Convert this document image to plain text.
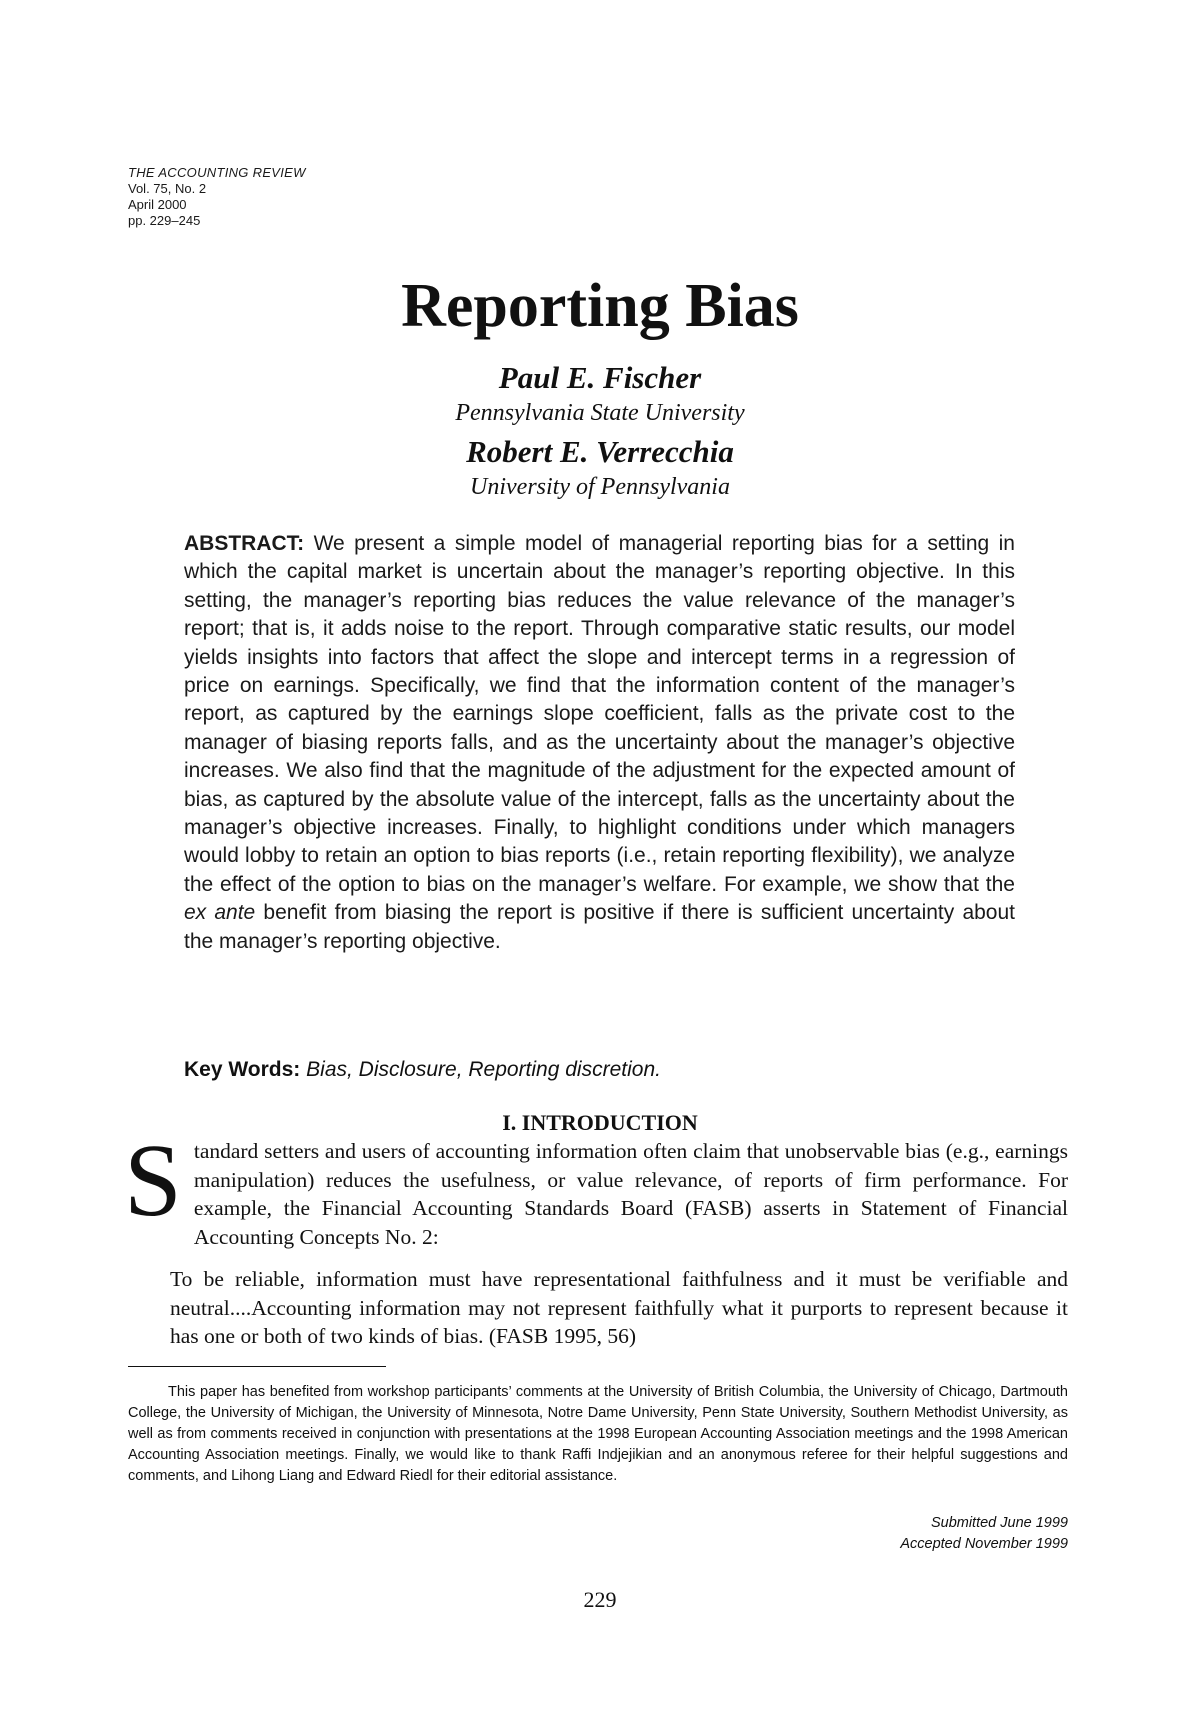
THE ACCOUNTING REVIEW
Vol. 75, No. 2
April 2000
pp. 229–245
Reporting Bias
Paul E. Fischer
Pennsylvania State University
Robert E. Verrecchia
University of Pennsylvania

ABSTRACT: We present a simple model of managerial reporting bias for a setting in which the capital market is uncertain about the manager’s reporting objective. In this setting, the manager’s reporting bias reduces the value relevance of the manager’s report; that is, it adds noise to the report. Through comparative static results, our model yields insights into factors that affect the slope and intercept terms in a regression of price on earnings. Specifically, we find that the information content of the manager’s report, as captured by the earnings slope coefficient, falls as the private cost to the manager of biasing reports falls, and as the uncertainty about the manager’s objective increases. We also find that the magnitude of the adjustment for the expected amount of bias, as captured by the absolute value of the intercept, falls as the uncertainty about the manager’s objective increases. Finally, to highlight conditions under which managers would lobby to retain an option to bias reports (i.e., retain reporting flexibility), we analyze the effect of the option to bias on the manager’s welfare. For example, we show that the ex ante benefit from biasing the report is positive if there is sufficient uncertainty about the manager’s reporting objective.

Key Words: Bias, Disclosure, Reporting discretion.

I. INTRODUCTION

Standard setters and users of accounting information often claim that unobservable bias (e.g., earnings manipulation) reduces the usefulness, or value relevance, of reports of firm performance. For example, the Financial Accounting Standards Board (FASB) asserts in Statement of Financial Accounting Concepts No. 2:

To be reliable, information must have representational faithfulness and it must be verifiable and neutral....Accounting information may not represent faithfully what it purports to represent because it has one or both of two kinds of bias. (FASB 1995, 56)

This paper has benefited from workshop participants’ comments at the University of British Columbia, the University of Chicago, Dartmouth College, the University of Michigan, the University of Minnesota, Notre Dame University, Penn State University, Southern Methodist University, as well as from comments received in conjunction with presentations at the 1998 European Accounting Association meetings and the 1998 American Accounting Association meetings. Finally, we would like to thank Raffi Indjejikian and an anonymous referee for their helpful suggestions and comments, and Lihong Liang and Edward Riedl for their editorial assistance.

Submitted June 1999
Accepted November 1999
229
